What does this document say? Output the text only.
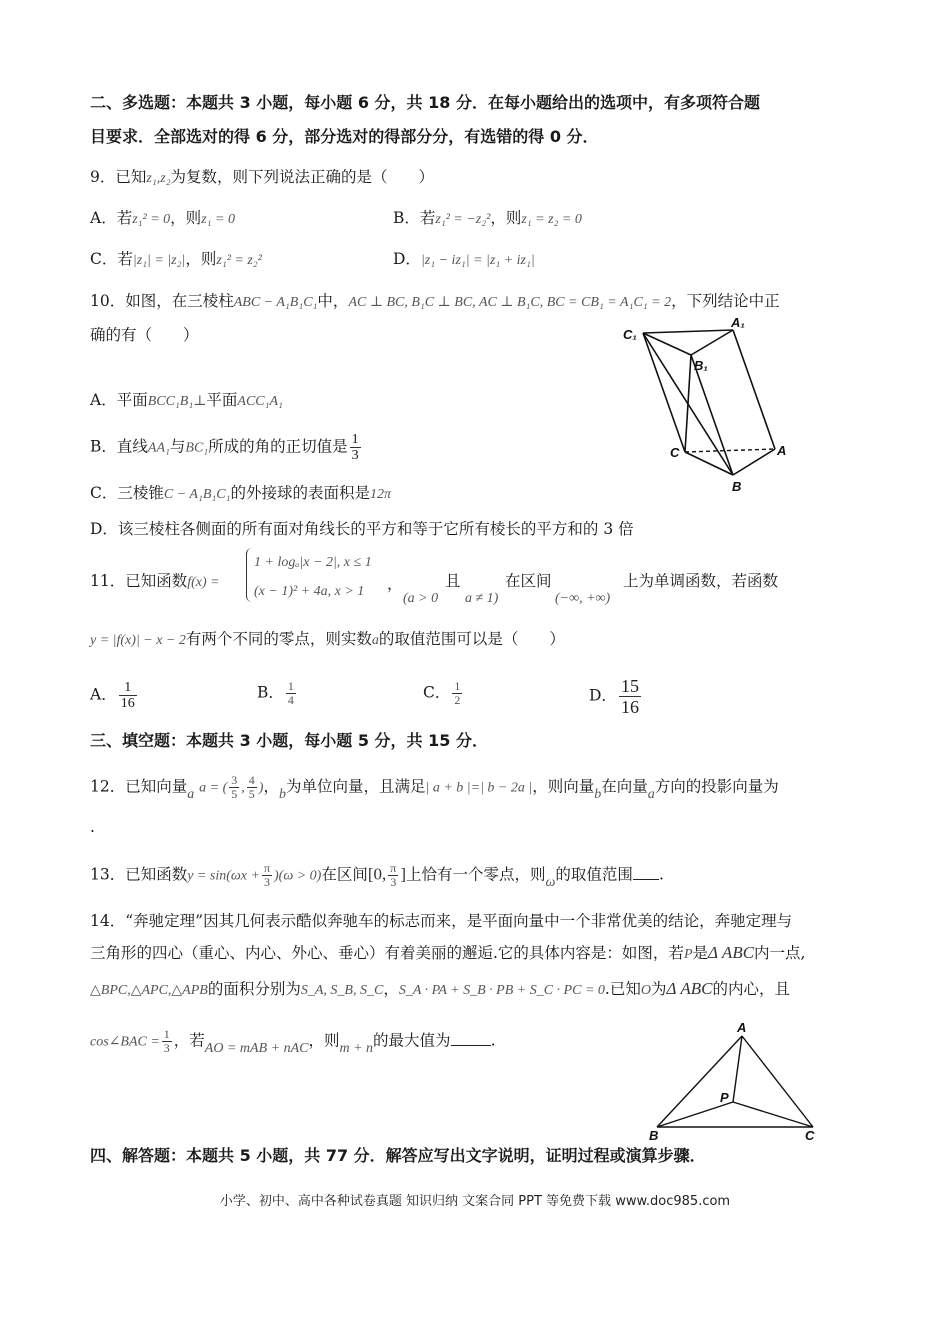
二、多选题：本题共 3 小题，每小题 6 分，共 18 分．在每小题给出的选项中，有多项符合题
目要求．全部选对的得 6 分，部分选对的得部分分，有选错的得 0 分．
9．已知z₁,z₂为复数，则下列说法正确的是（　　）
A．若z₁² = 0，则z₁ = 0	B．若z₁² = −z₂²，则z₁ = z₂ = 0
C．若|z₁| = |z₂|，则z₁² = z₂²	D．|z₁ − iz₁| = |z₁ + iz₁|
10．如图，在三棱柱ABC − A₁B₁C₁中，AC ⊥ BC, B₁C ⊥ BC, AC ⊥ B₁C, BC = CB₁ = A₁C₁ = 2，下列结论中正
确的有（　　）	C₁
A₁
B₁
C	A
B
A．平面BCC₁B₁⊥平面ACC₁A₁
B．直线AA₁与BC₁所成的角的正切值是 $\frac{1}{3}$
C．三棱锥C − A₁B₁C₁的外接球的表面积是12π
D．该三棱柱各侧面的所有面对角线长的平方和等于它所有棱长的平方和的 3 倍
11．已知函数f(x) =
1 + logₐ|x − 2|, x ≤ 1
(x − 1)² + 4a, x > 1 ，
(a > 0
且
a ≠ 1)
在区间
(−∞, +∞)
上为单调函数，若函数
y = |f(x)| − x − 2有两个不同的零点，则实数a的取值范围可以是（　　）
A． $\frac{1}{16}$	B． $\frac{1}{4}$	C． $\frac{1}{2}$	D． $\frac{15}{16}$
三、填空题：本题共 3 小题，每小题 5 分，共 15 分．
12．已知向量a a = ( $\frac{3}{5}$ , $\frac{4}{5}$ )，b为单位向量，且满足| a + b |=| b − 2a |，则向量b在向量a方向的投影向量为
.
13．已知函数$y = \sin(\omega x + \frac{\pi}{3} )(\omega > 0)$在区间[0, $\frac{\pi}{3}$ ]上恰有一个零点，则ω的取值范围 .
14．“奔驰定理”因其几何表示酷似奔驰车的标志而来，是平面向量中一个非常优美的结论，奔驰定理与
三角形的四心（重心、内心、外心、垂心）有着美丽的邂逅.它的具体内容是：如图，若P是Δ ABC内一点,
△BPC,△APC,△APB的面积分别为S_A, S_B, S_C，S_A · PA + S_B · PB + S_C · PC = 0.已知O为Δ ABC的内心，且
cos∠BAC = $\frac{1}{3}$ ，若AO = mAB + nAC，则m + n的最大值为	.
A
P
B	C
四、解答题：本题共 5 小题，共 77 分．解答应写出文字说明，证明过程或演算步骤．
小学、初中、高中各种试卷真题 知识归纳 文案合同 PPT 等免费下载 www.doc985.com
